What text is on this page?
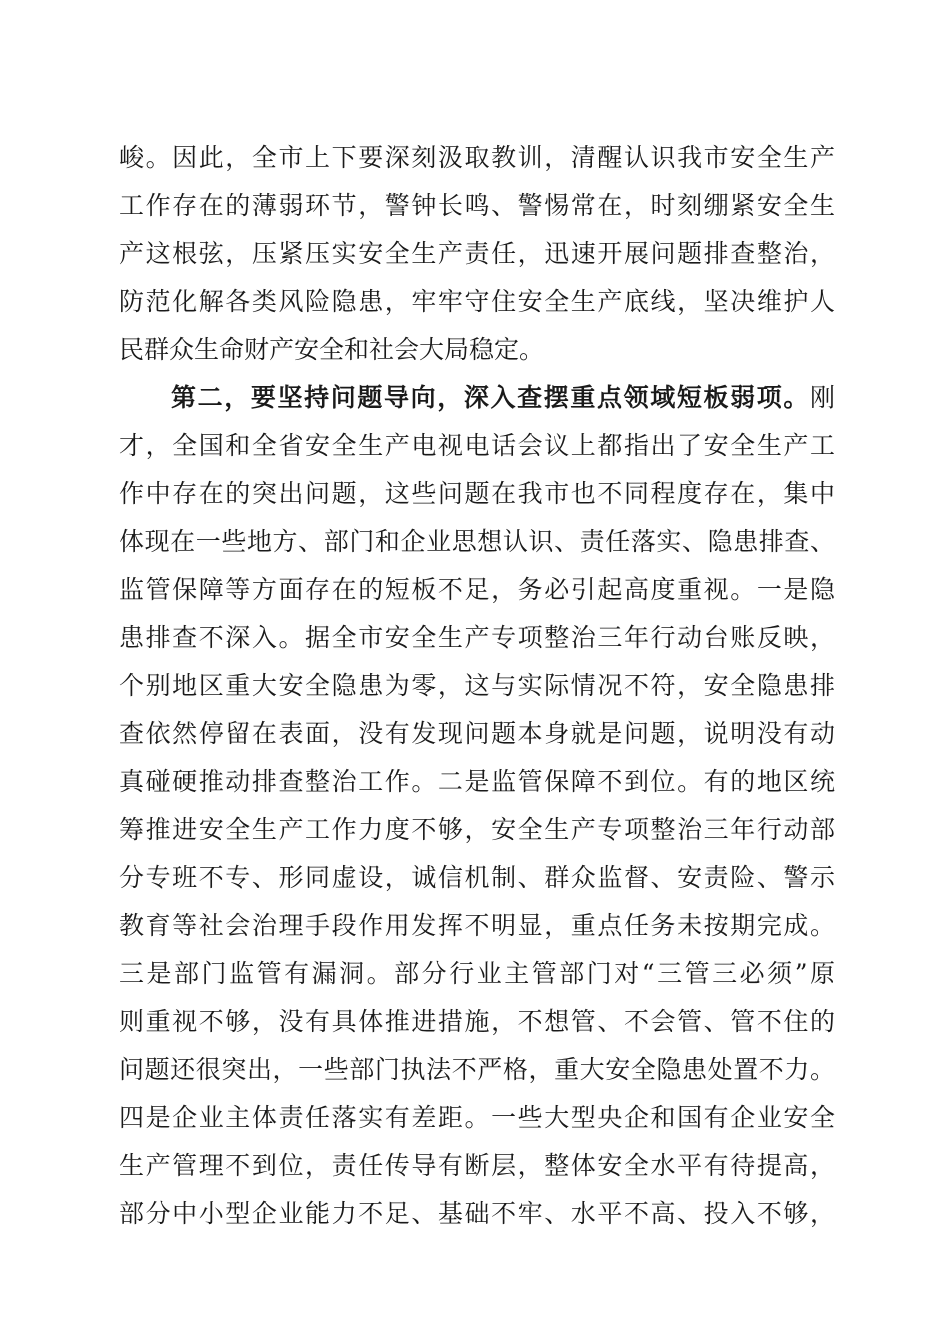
峻。因此，全市上下要深刻汲取教训，清醒认识我市安全生产
工作存在的薄弱环节，警钟长鸣、警惕常在，时刻绷紧安全生
产这根弦，压紧压实安全生产责任，迅速开展问题排查整治，
防范化解各类风险隐患，牢牢守住安全生产底线，坚决维护人
民群众生命财产安全和社会大局稳定。
第二，要坚持问题导向，深入查摆重点领域短板弱项。刚
才，全国和全省安全生产电视电话会议上都指出了安全生产工
作中存在的突出问题，这些问题在我市也不同程度存在，集中
体现在一些地方、部门和企业思想认识、责任落实、隐患排查、
监管保障等方面存在的短板不足，务必引起高度重视。一是隐
患排查不深入。据全市安全生产专项整治三年行动台账反映，
个别地区重大安全隐患为零，这与实际情况不符，安全隐患排
查依然停留在表面，没有发现问题本身就是问题，说明没有动
真碰硬推动排查整治工作。二是监管保障不到位。有的地区统
筹推进安全生产工作力度不够，安全生产专项整治三年行动部
分专班不专、形同虚设，诚信机制、群众监督、安责险、警示
教育等社会治理手段作用发挥不明显，重点任务未按期完成。
三是部门监管有漏洞。部分行业主管部门对“三管三必须”原
则重视不够，没有具体推进措施，不想管、不会管、管不住的
问题还很突出，一些部门执法不严格，重大安全隐患处置不力。
四是企业主体责任落实有差距。一些大型央企和国有企业安全
生产管理不到位，责任传导有断层，整体安全水平有待提高，
部分中小型企业能力不足、基础不牢、水平不高、投入不够，
